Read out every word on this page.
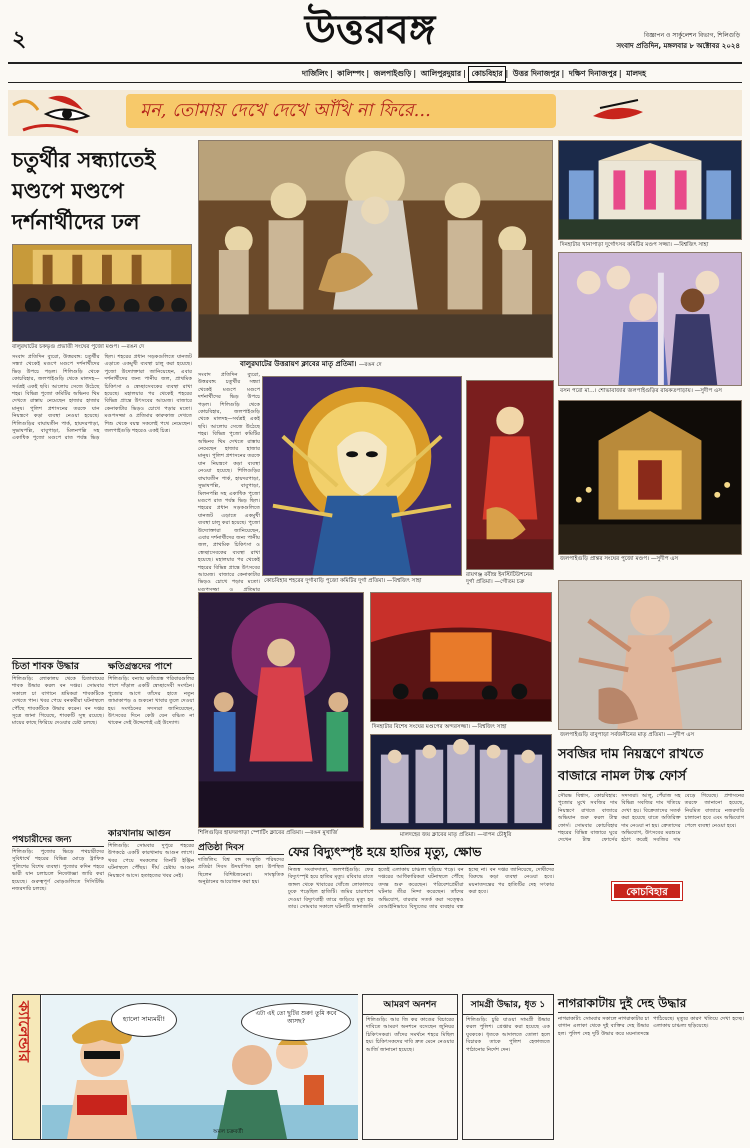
২	উত্তরবঙ্গ	বিজ্ঞাপন ও সার্কুলেশন বিভাগ, শিলিগুড়ি
সংবাদ প্রতিদিন, মঙ্গলবার ৮ অক্টোবর ২০২৪
দার্জিলিং | কালিম্পং | জলপাইগুড়ি | আলিপুরদুয়ার | কোচবিহার | উত্তর দিনাজপুর | দক্ষিণ দিনাজপুর | মালদহ
মন, তোমায় দেখে দেখে আঁখি না ফিরে...
চতুর্থীর সন্ধ্যাতেই
মণ্ডপে মণ্ডপে
দর্শনার্থীদের ঢল
বালুরঘাটের চকভৃগু প্রভাতী সংঘের পুজো মণ্ডপ। —রঙন দে
সংবাদ প্রতিদিন ব্যুরো, উত্তরবঙ্গ: চতুর্থীর সন্ধ্যা থেকেই মণ্ডপে মণ্ডপে দর্শনার্থীদের ভিড় উপচে পড়ল। শিলিগুড়ি থেকে কোচবিহার, জলপাইগুড়ি থেকে মালদহ—সর্বত্রই একই ছবি। আলোয় সেজে উঠেছে শহর। বিভিন্ন পুজো কমিটির অভিনব থিম দেখতে রাস্তায় নেমেছেন হাজার হাজার মানুষ। পুলিশ প্রশাসনের তরফে যান নিয়ন্ত্রণে কড়া ব্যবস্থা নেওয়া হয়েছে। শিলিগুড়ির বাঘাযতীন পার্ক, হায়দরপাড়া, সুভাষপল্লি, বাবুপাড়া, মিলনপল্লি সহ একাধিক পুজো মণ্ডপে রাত পর্যন্ত ভিড় ছিল। শহরের প্রধান সড়কগুলিতে যানজট এড়াতে একমুখী ব্যবস্থা চালু করা হয়েছে। পুজো উদ্যোক্তারা জানিয়েছেন, এবার দর্শনার্থীদের জন্য পানীয় জল, প্রাথমিক চিকিৎসা ও স্বেচ্ছাসেবকের ব্যবস্থা রাখা হয়েছে। মহালয়ার পর থেকেই শহরের বিভিন্ন প্রান্তে উৎসবের আমেজ। বাজারে কেনাকাটার ভিড়ও চোখে পড়ার মতো। মণ্ডপসজ্জা ও প্রতিমার কারুকাজ দেখতে শিশু থেকে বয়স্ক সকলেই পথে নেমেছেন। জলপাইগুড়ি শহরেও একই চিত্র।
বালুরঘাটের উত্তরায়ণ ক্লাবের মাতৃ প্রতিমা। —রঙন দে
সংবাদ প্রতিদিন ব্যুরো, উত্তরবঙ্গ: চতুর্থীর সন্ধ্যা থেকেই মণ্ডপে মণ্ডপে দর্শনার্থীদের ভিড় উপচে পড়ল। শিলিগুড়ি থেকে কোচবিহার, জলপাইগুড়ি থেকে মালদহ—সর্বত্রই একই ছবি। আলোয় সেজে উঠেছে শহর। বিভিন্ন পুজো কমিটির অভিনব থিম দেখতে রাস্তায় নেমেছেন হাজার হাজার মানুষ। পুলিশ প্রশাসনের তরফে যান নিয়ন্ত্রণে কড়া ব্যবস্থা নেওয়া হয়েছে। শিলিগুড়ির বাঘাযতীন পার্ক, হায়দরপাড়া, সুভাষপল্লি, বাবুপাড়া, মিলনপল্লি সহ একাধিক পুজো মণ্ডপে রাত পর্যন্ত ভিড় ছিল। শহরের প্রধান সড়কগুলিতে যানজট এড়াতে একমুখী ব্যবস্থা চালু করা হয়েছে। পুজো উদ্যোক্তারা জানিয়েছেন, এবার দর্শনার্থীদের জন্য পানীয় জল, প্রাথমিক চিকিৎসা ও স্বেচ্ছাসেবকের ব্যবস্থা রাখা হয়েছে। মহালয়ার পর থেকেই শহরের বিভিন্ন প্রান্তে উৎসবের আমেজ। বাজারে কেনাকাটার ভিড়ও চোখে পড়ার মতো। মণ্ডপসজ্জা ও প্রতিমার
কোচবিহার শহরের দুর্গাবাড়ি পুজো কমিটির দুর্গা প্রতিমা। —বিশ্বজিৎ সাহা
রায়গঞ্জ রবীন্দ্র ইনস্টিটিউশনের
দুর্গা প্রতিমা। —গৌতম চক্র
দিনহাটার খানাপাড়া দুর্গোৎসব কমিটির মণ্ডপ সজ্জা। —বিশ্বজিৎ সাহা
বসন পরো মা...। শোভাবাজার জলপাইগুড়ির রায়কতপাড়ায়। —সুদীপ এস
জলপাইগুড়ি প্রান্তর সংঘের পুজো মণ্ডপ। —সুদীপ এস
জলপাইগুড়ি বাবুপাড়া সর্বজনীনের মাতৃ প্রতিমা। —সুদীপ এস
শিলিগুড়ির হায়দরপাড়া স্পোর্টিং ক্লাবের প্রতিমা। —রঙন মুখার্জি
দিনহাটার বিশেষ সংঘের মণ্ডপের অন্দরসজ্জা। —বিশ্বজিৎ সাহা
মালদহের জয় ক্লাবের মাতৃ প্রতিমা। —বাপন চৌধুরি
চিতা শাবক উদ্ধার
শিলিগুড়ি: লোকালয় থেকে চিতাবাঘের শাবক উদ্ধার করল বন দপ্তর। সোমবার সকালে চা বাগানে শ্রমিকরা শাবকটিকে দেখতে পান। খবর পেয়ে বনকর্মীরা ঘটনাস্থলে পৌঁছে শাবকটিকে উদ্ধার করেন। বন দপ্তর সূত্রে জানা গিয়েছে, শাবকটি সুস্থ রয়েছে। মায়ের কাছে ফিরিয়ে দেওয়ার চেষ্টা চলছে।
ক্ষতিগ্রস্তদের পাশে
শিলিগুড়ি: বন্যায় ক্ষতিগ্রস্ত পরিবারগুলির পাশে দাঁড়াল একটি স্বেচ্ছাসেবী সংগঠন। পুজোর আগে তাঁদের হাতে নতুন জামাকাপড় ও শুকনো খাবার তুলে দেওয়া হয়। সংগঠনের সদস্যরা জানিয়েছেন, উৎসবের দিনে কেউ যেন বঞ্চিত না থাকেন সেই উদ্দেশ্যেই এই উদ্যোগ।
পথচারীদের জন্য
শিলিগুড়ি: পুজোর ভিড়ে পথচারীদের সুবিধার্থে শহরের বিভিন্ন মোড়ে ট্রাফিক পুলিশের বিশেষ ব্যবস্থা। পুজোর কদিন শহরে ভারী যান চলাচলে নিষেধাজ্ঞা জারি করা হয়েছে। গুরুত্বপূর্ণ মোড়গুলিতে সিসিটিভি নজরদারি চলছে।
কারখানায় আগুন
শিলিগুড়ি: সোমবার দুপুরে শহরের উপকণ্ঠে একটি কারখানায় আগুন লাগে। খবর পেয়ে দমকলের তিনটি ইঞ্জিন ঘটনাস্থলে পৌঁছয়। দীর্ঘ চেষ্টায় আগুন নিয়ন্ত্রণে আসে। হতাহতের খবর নেই।
প্রতিষ্ঠা দিবস
দার্জিলিং: বিশ্ব বঙ্গ সংস্কৃতি পরিষদের প্রতিষ্ঠা দিবস উদযাপিত হল। উপস্থিত ছিলেন বিশিষ্টজনেরা। সাংস্কৃতিক অনুষ্ঠানের আয়োজন করা হয়।
ফের বিদ্যুৎস্পৃষ্ট হয়ে হাতির মৃত্যু, ক্ষোভ
নিজস্ব সংবাদদাতা, জলপাইগুড়ি: ফের বিদ্যুৎস্পৃষ্ট হয়ে হাতির মৃত্যু। রবিবার রাতে জঙ্গল থেকে খাবারের খোঁজে লোকালয়ে ঢুকে পড়েছিল হাতিটি। জমির চারপাশে দেওয়া বিদ্যুৎবাহী তারে জড়িয়ে মৃত্যু হয় তার। সোমবার সকালে ঘটনাটি জানাজানি হতেই এলাকায় চাঞ্চল্য ছড়িয়ে পড়ে। বন দপ্তরের আধিকারিকরা ঘটনাস্থলে পৌঁছে তদন্ত শুরু করেছেন। পরিবেশপ্রেমীরা ঘটনার তীব্র নিন্দা করেছেন। তাঁদের অভিযোগ, বারবার সতর্ক করা সত্ত্বেও বেআইনিভাবে বিদ্যুতের তার ব্যবহার বন্ধ হচ্ছে না। বন দপ্তর জানিয়েছে, দোষীদের বিরুদ্ধে কড়া ব্যবস্থা নেওয়া হবে। ময়নাতদন্তের পর হাতিটির দেহ সৎকার করা হবে।
সবজির দাম নিয়ন্ত্রণে রাখতে
বাজারে নামল টাস্ক ফোর্স
সৌরভ বিশ্বাস, কোচবিহার: পুজোর মুখে সবজির দাম নিয়ন্ত্রণে রাখতে বাজারে অভিযান শুরু করল টাস্ক ফোর্স। সোমবার কোচবিহার শহরের বিভিন্ন বাজারে ঘুরে দেখেন টাস্ক ফোর্সের সদস্যরা। আলু, পেঁয়াজ সহ বিভিন্ন সবজির দাম খতিয়ে দেখা হয়। বিক্রেতাদের সতর্ক করা হয়েছে যাতে অতিরিক্ত দাম নেওয়া না হয়। ক্রেতাদের অভিযোগ, উৎসবের মরশুমে হঠাৎ করেই সবজির দাম বেড়ে গিয়েছে। প্রশাসনের তরফে জানানো হয়েছে, নিয়মিত বাজারে নজরদারি চালানো হবে এবং অভিযোগ পেলে ব্যবস্থা নেওয়া হবে।
কোচবিহার
ক্যালেন্ডার	হ্যালো সাম্যময়ী!
এটা এই তো ছুটির শুরু! তুমি কবে আসছ?
অমল চক্রবর্তী
আমরণ অনশন
শিলিগুড়ি: আর জি কর কাণ্ডের বিচারের দাবিতে আমরণ অনশনে বসেছেন জুনিয়র চিকিৎসকরা। তাঁদের সমর্থনে শহরে মিছিল হয়। চিকিৎসকদের দাবি দ্রুত মেনে নেওয়ার আর্জি জানানো হয়েছে।
সামগ্রী উদ্ধার, ধৃত ১
শিলিগুড়ি: চুরি যাওয়া সামগ্রী উদ্ধার করল পুলিশ। গ্রেপ্তার করা হয়েছে এক যুবককে। ধৃতকে আদালতে তোলা হলে বিচারক তাকে পুলিশ হেফাজতে পাঠানোর নির্দেশ দেন।
নাগরাকাটায় দুই দেহ উদ্ধার
নাগরাকাটা: সোমবার সকালে নাগরাকাটার চা বাগান এলাকা থেকে দুই ব্যক্তির দেহ উদ্ধার হল। পুলিশ দেহ দুটি উদ্ধার করে ময়নাতদন্তে পাঠিয়েছে। মৃত্যুর কারণ খতিয়ে দেখা হচ্ছে। এলাকায় চাঞ্চল্য ছড়িয়েছে।
